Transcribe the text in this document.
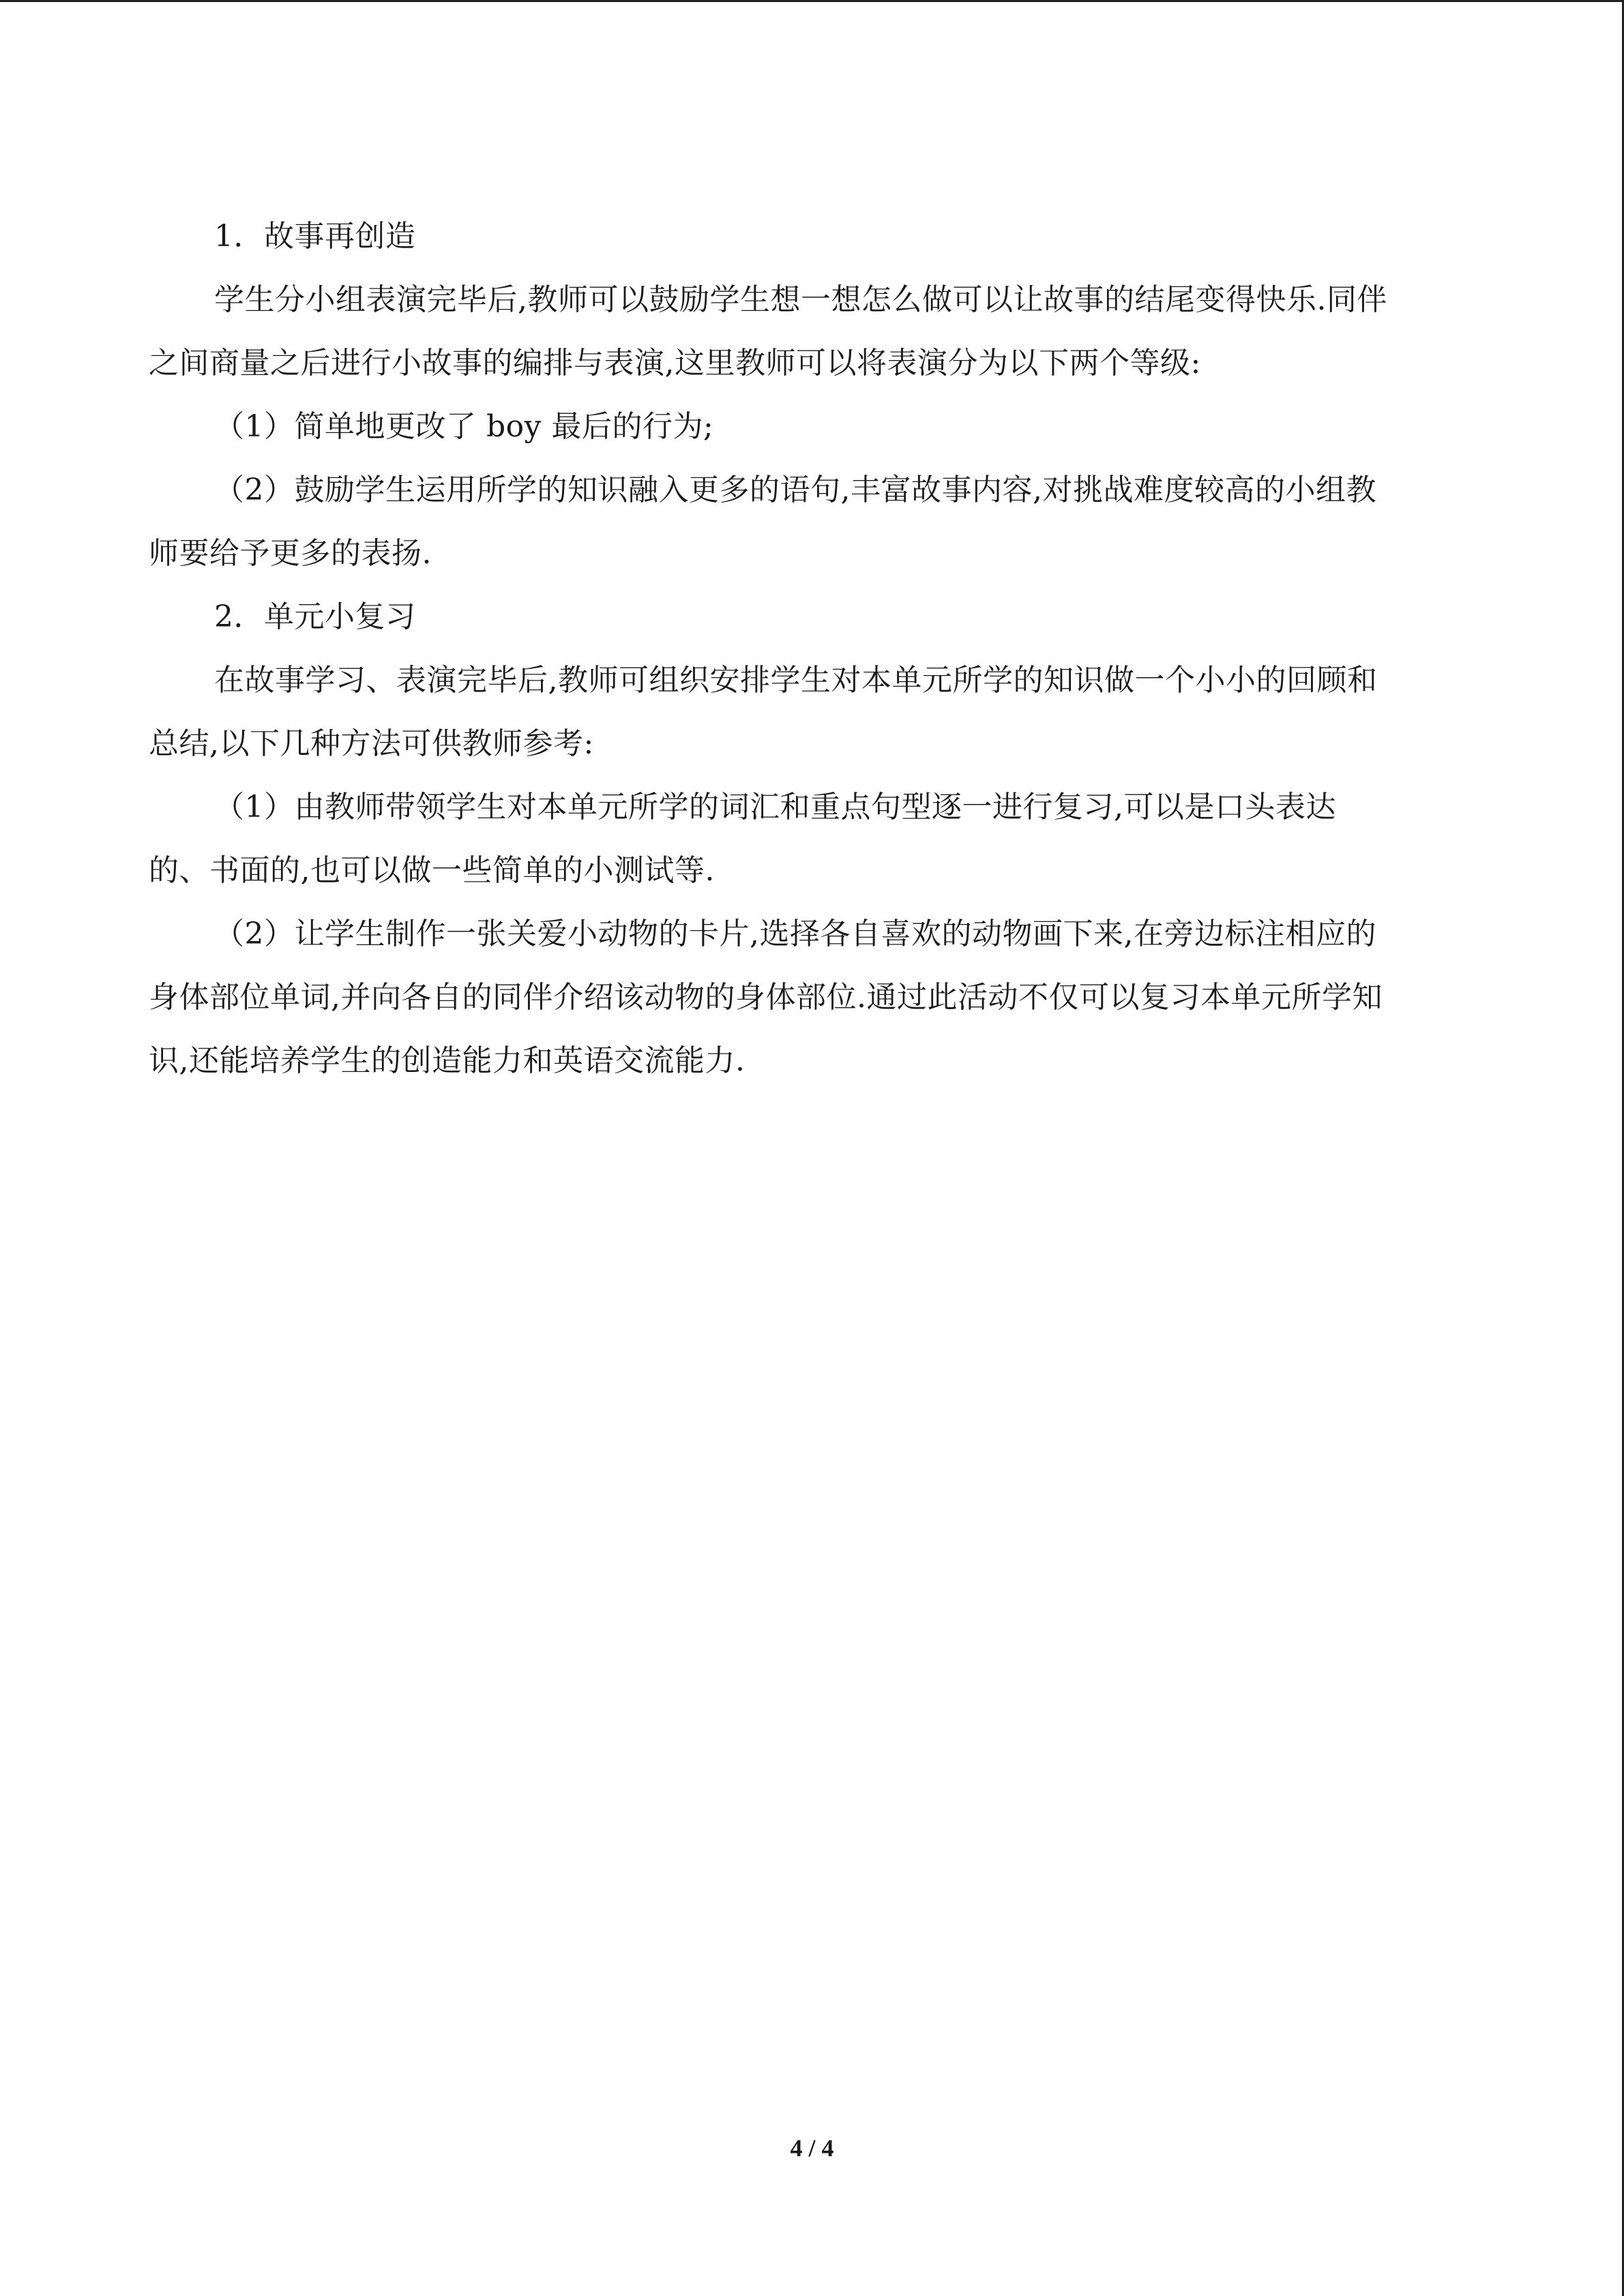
1．故事再创造
学生分小组表演完毕后,教师可以鼓励学生想一想怎么做可以让故事的结尾变得快乐.同伴
之间商量之后进行小故事的编排与表演,这里教师可以将表演分为以下两个等级:
（1）简单地更改了 boy 最后的行为;
（2）鼓励学生运用所学的知识融入更多的语句,丰富故事内容,对挑战难度较高的小组教
师要给予更多的表扬.
2．单元小复习
在故事学习、表演完毕后,教师可组织安排学生对本单元所学的知识做一个小小的回顾和
总结,以下几种方法可供教师参考:
（1）由教师带领学生对本单元所学的词汇和重点句型逐一进行复习,可以是口头表达
的、书面的,也可以做一些简单的小测试等.
（2）让学生制作一张关爱小动物的卡片,选择各自喜欢的动物画下来,在旁边标注相应的
身体部位单词,并向各自的同伴介绍该动物的身体部位.通过此活动不仅可以复习本单元所学知
识,还能培养学生的创造能力和英语交流能力.
4 / 4
